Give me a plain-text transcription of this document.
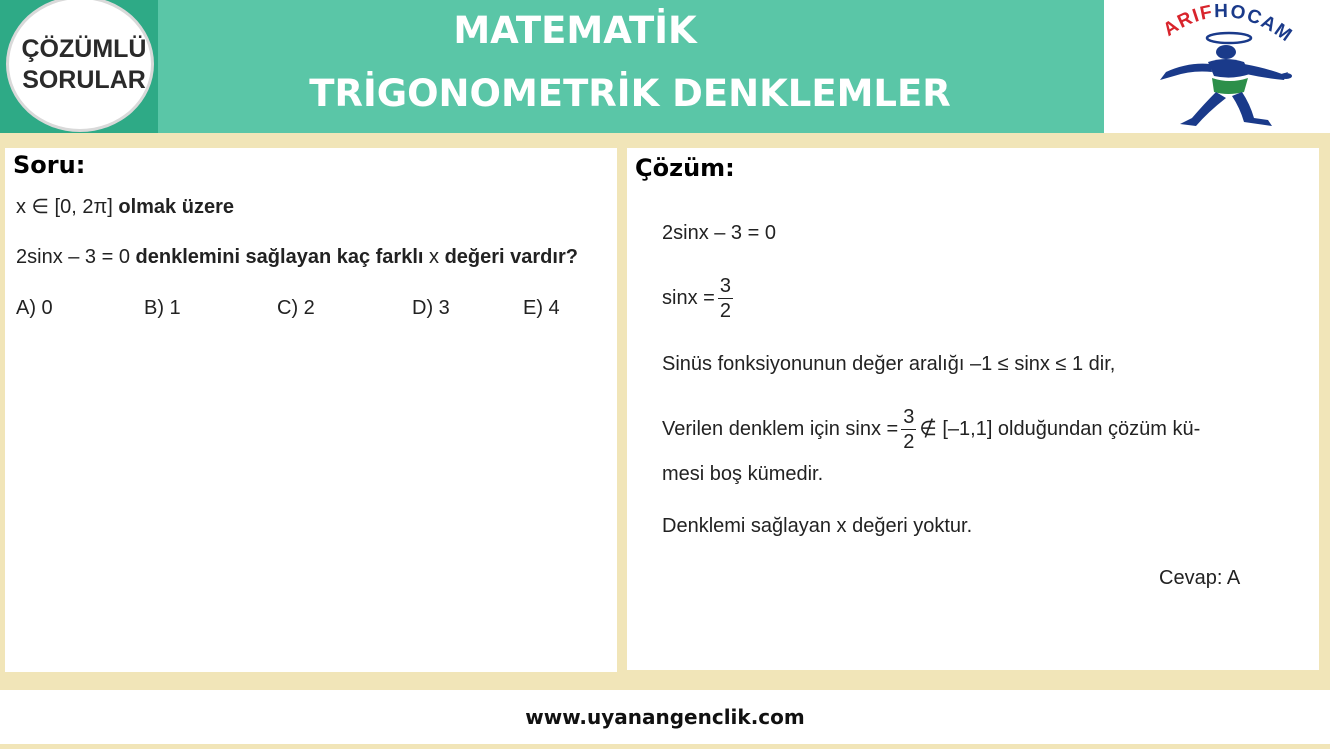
ÇÖZÜMLÜ
SORULAR
MATEMATİK
TRİGONOMETRİK DENKLEMLER
ARIFHOCAM
Soru:
x ∈ [0, 2π] olmak üzere
2sinx – 3 = 0 denklemini sağlayan kaç farklı x değeri vardır?
A) 0	B) 1	C) 2	D) 3	E) 4
Çözüm:
2sinx – 3 = 0
$\sin x = \frac{3}{2}$
Sinüs fonksiyonunun değer aralığı –1 ≤ sinx ≤ 1 dir,
Verilen denklem için $\sin x = \frac{3}{2}$ ∉ [–1,1] olduğundan çözüm kü-
mesi boş kümedir.
Denklemi sağlayan x değeri yoktur.
Cevap: A
www.uyanangenclik.com
